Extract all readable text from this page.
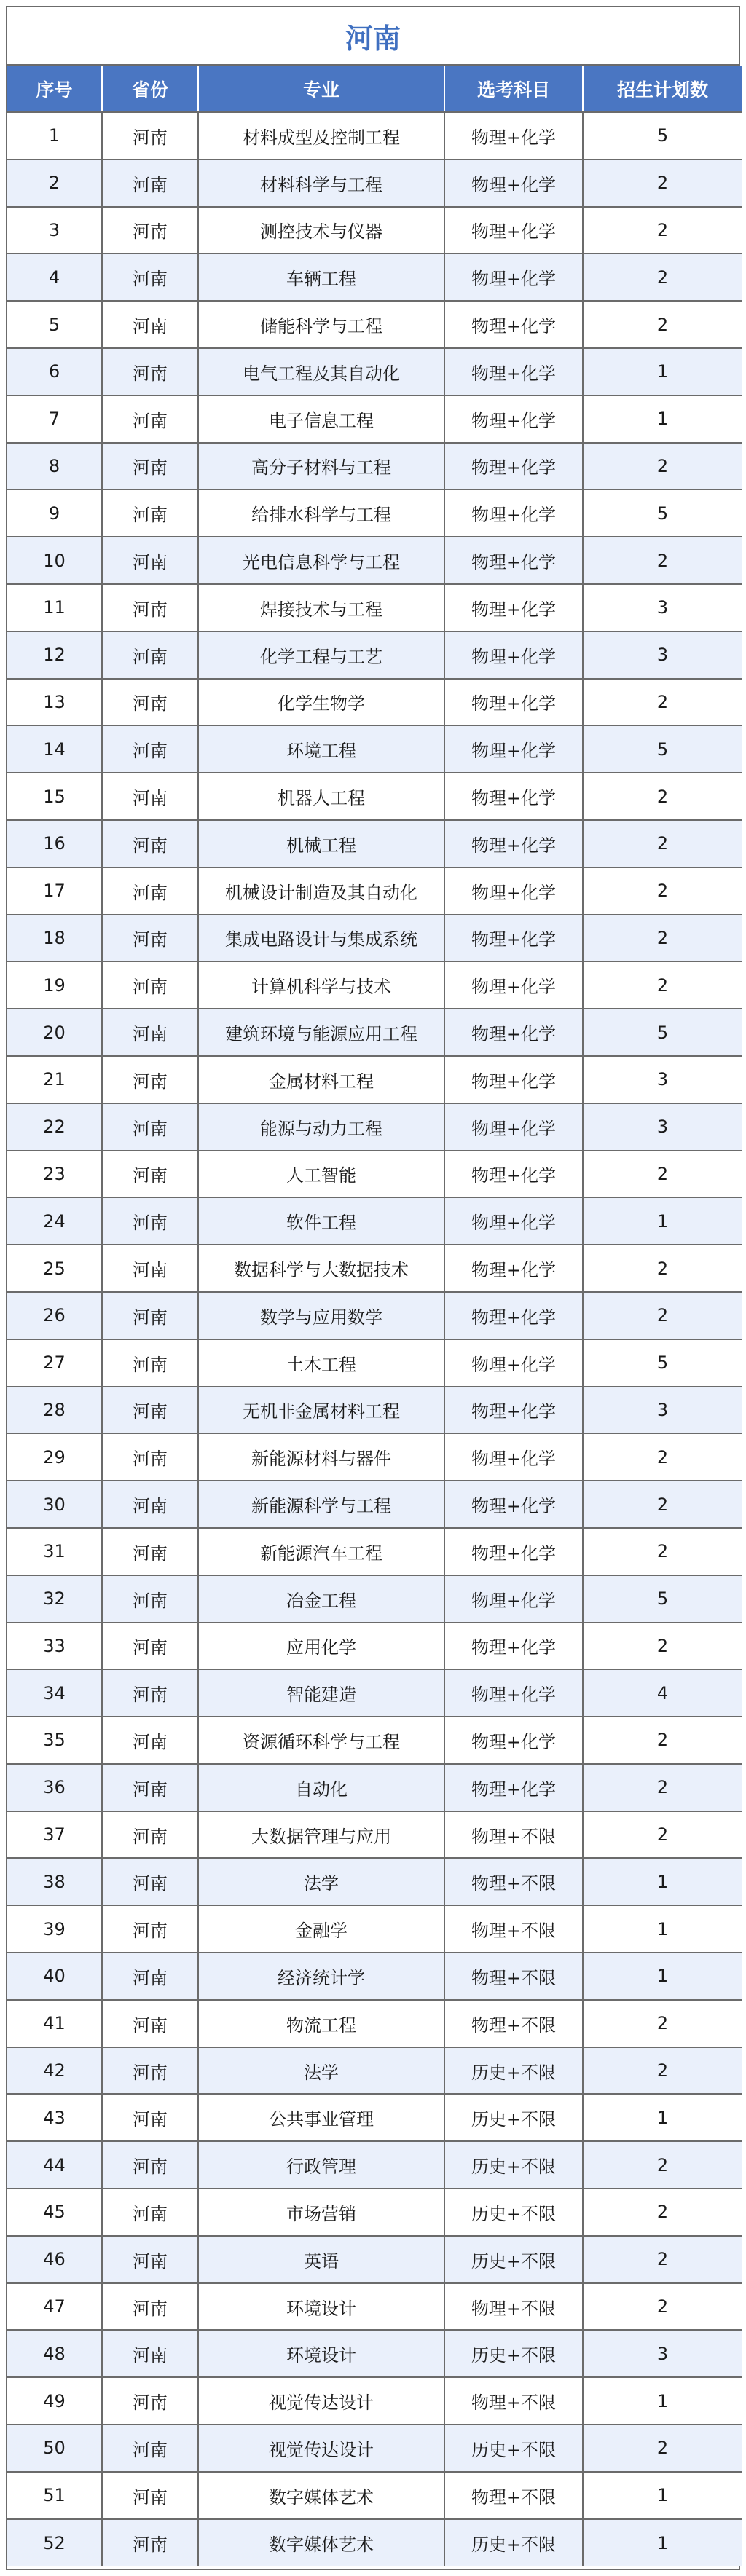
河南
序号	省份	专业	选考科目	招生计划数
1	河南	材料成型及控制工程	物理+化学	5
2	河南	材料科学与工程	物理+化学	2
3	河南	测控技术与仪器	物理+化学	2
4	河南	车辆工程	物理+化学	2
5	河南	储能科学与工程	物理+化学	2
6	河南	电气工程及其自动化	物理+化学	1
7	河南	电子信息工程	物理+化学	1
8	河南	高分子材料与工程	物理+化学	2
9	河南	给排水科学与工程	物理+化学	5
10	河南	光电信息科学与工程	物理+化学	2
11	河南	焊接技术与工程	物理+化学	3
12	河南	化学工程与工艺	物理+化学	3
13	河南	化学生物学	物理+化学	2
14	河南	环境工程	物理+化学	5
15	河南	机器人工程	物理+化学	2
16	河南	机械工程	物理+化学	2
17	河南	机械设计制造及其自动化	物理+化学	2
18	河南	集成电路设计与集成系统	物理+化学	2
19	河南	计算机科学与技术	物理+化学	2
20	河南	建筑环境与能源应用工程	物理+化学	5
21	河南	金属材料工程	物理+化学	3
22	河南	能源与动力工程	物理+化学	3
23	河南	人工智能	物理+化学	2
24	河南	软件工程	物理+化学	1
25	河南	数据科学与大数据技术	物理+化学	2
26	河南	数学与应用数学	物理+化学	2
27	河南	土木工程	物理+化学	5
28	河南	无机非金属材料工程	物理+化学	3
29	河南	新能源材料与器件	物理+化学	2
30	河南	新能源科学与工程	物理+化学	2
31	河南	新能源汽车工程	物理+化学	2
32	河南	冶金工程	物理+化学	5
33	河南	应用化学	物理+化学	2
34	河南	智能建造	物理+化学	4
35	河南	资源循环科学与工程	物理+化学	2
36	河南	自动化	物理+化学	2
37	河南	大数据管理与应用	物理+不限	2
38	河南	法学	物理+不限	1
39	河南	金融学	物理+不限	1
40	河南	经济统计学	物理+不限	1
41	河南	物流工程	物理+不限	2
42	河南	法学	历史+不限	2
43	河南	公共事业管理	历史+不限	1
44	河南	行政管理	历史+不限	2
45	河南	市场营销	历史+不限	2
46	河南	英语	历史+不限	2
47	河南	环境设计	物理+不限	2
48	河南	环境设计	历史+不限	3
49	河南	视觉传达设计	物理+不限	1
50	河南	视觉传达设计	历史+不限	2
51	河南	数字媒体艺术	物理+不限	1
52	河南	数字媒体艺术	历史+不限	1
